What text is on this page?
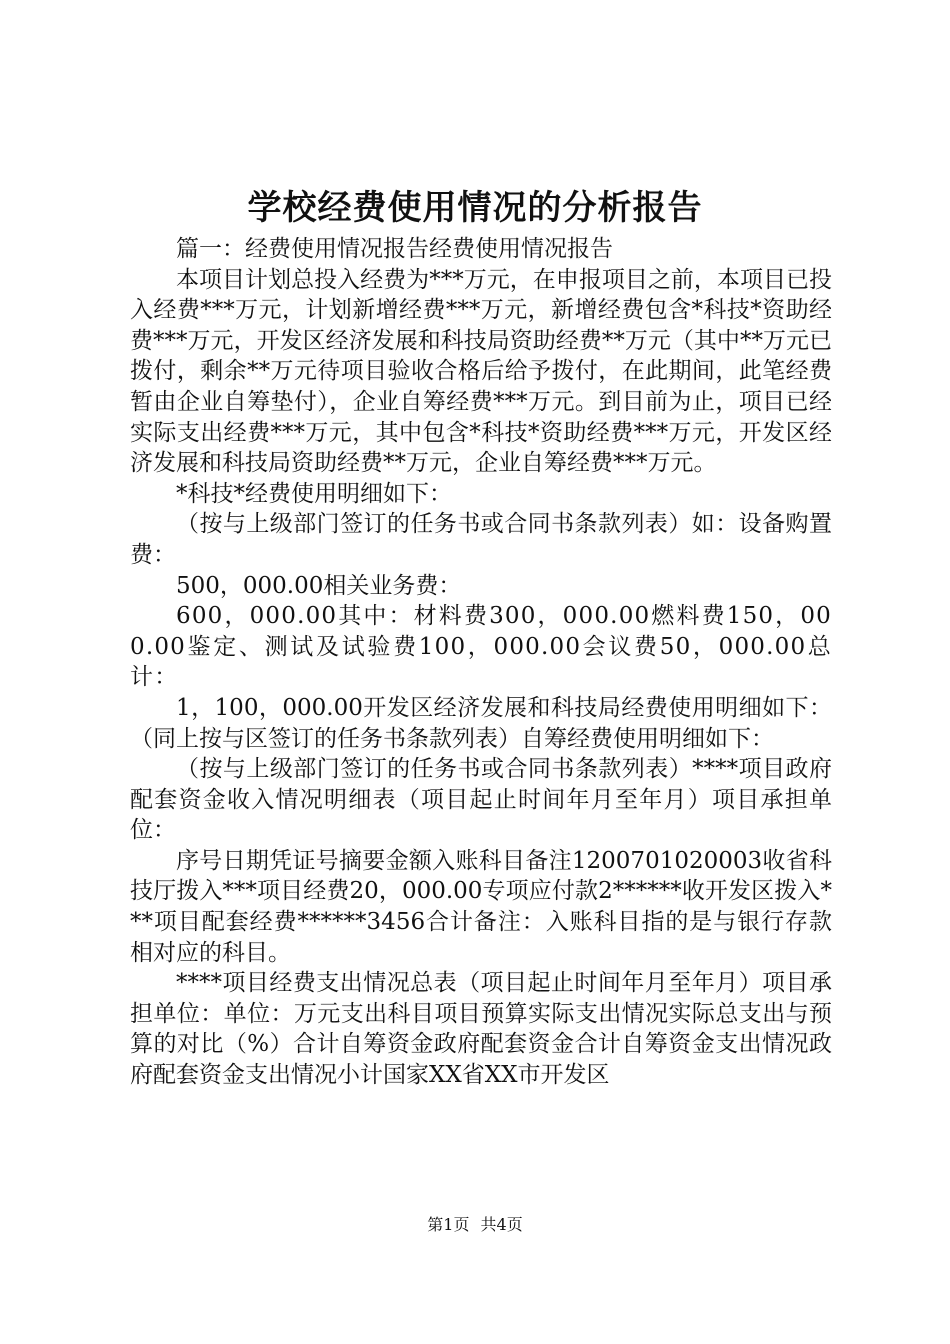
学校经费使用情况的分析报告

篇一：经费使用情况报告经费使用情况报告

本项目计划总投入经费为***万元，在申报项目之前，本项目已投入经费***万元，计划新增经费***万元，新增经费包含*科技*资助经费***万元，开发区经济发展和科技局资助经费**万元（其中**万元已拨付，剩余**万元待项目验收合格后给予拨付，在此期间，此笔经费暂由企业自筹垫付），企业自筹经费***万元。到目前为止，项目已经实际支出经费***万元，其中包含*科技*资助经费***万元，开发区经济发展和科技局资助经费**万元，企业自筹经费***万元。

*科技*经费使用明细如下：

（按与上级部门签订的任务书或合同书条款列表）如：设备购置费：

500，000.00相关业务费：

600，000.00其中：材料费300，000.00燃料费150，000.00鉴定、测试及试验费100，000.00会议费50，000.00总计：

1，100，000.00开发区经济发展和科技局经费使用明细如下：（同上按与区签订的任务书条款列表）自筹经费使用明细如下：

（按与上级部门签订的任务书或合同书条款列表）****项目政府配套资金收入情况明细表（项目起止时间年月至年月）项目承担单位：

序号日期凭证号摘要金额入账科目备注1200701020003收省科技厅拨入***项目经费20，000.00专项应付款2******收开发区拨入***项目配套经费******3456合计备注：入账科目指的是与银行存款相对应的科目。

****项目经费支出情况总表（项目起止时间年月至年月）项目承担单位：单位：万元支出科目项目预算实际支出情况实际总支出与预算的对比（%）合计自筹资金政府配套资金合计自筹资金支出情况政府配套资金支出情况小计国家XX省XX市开发区

第1页 共4页
